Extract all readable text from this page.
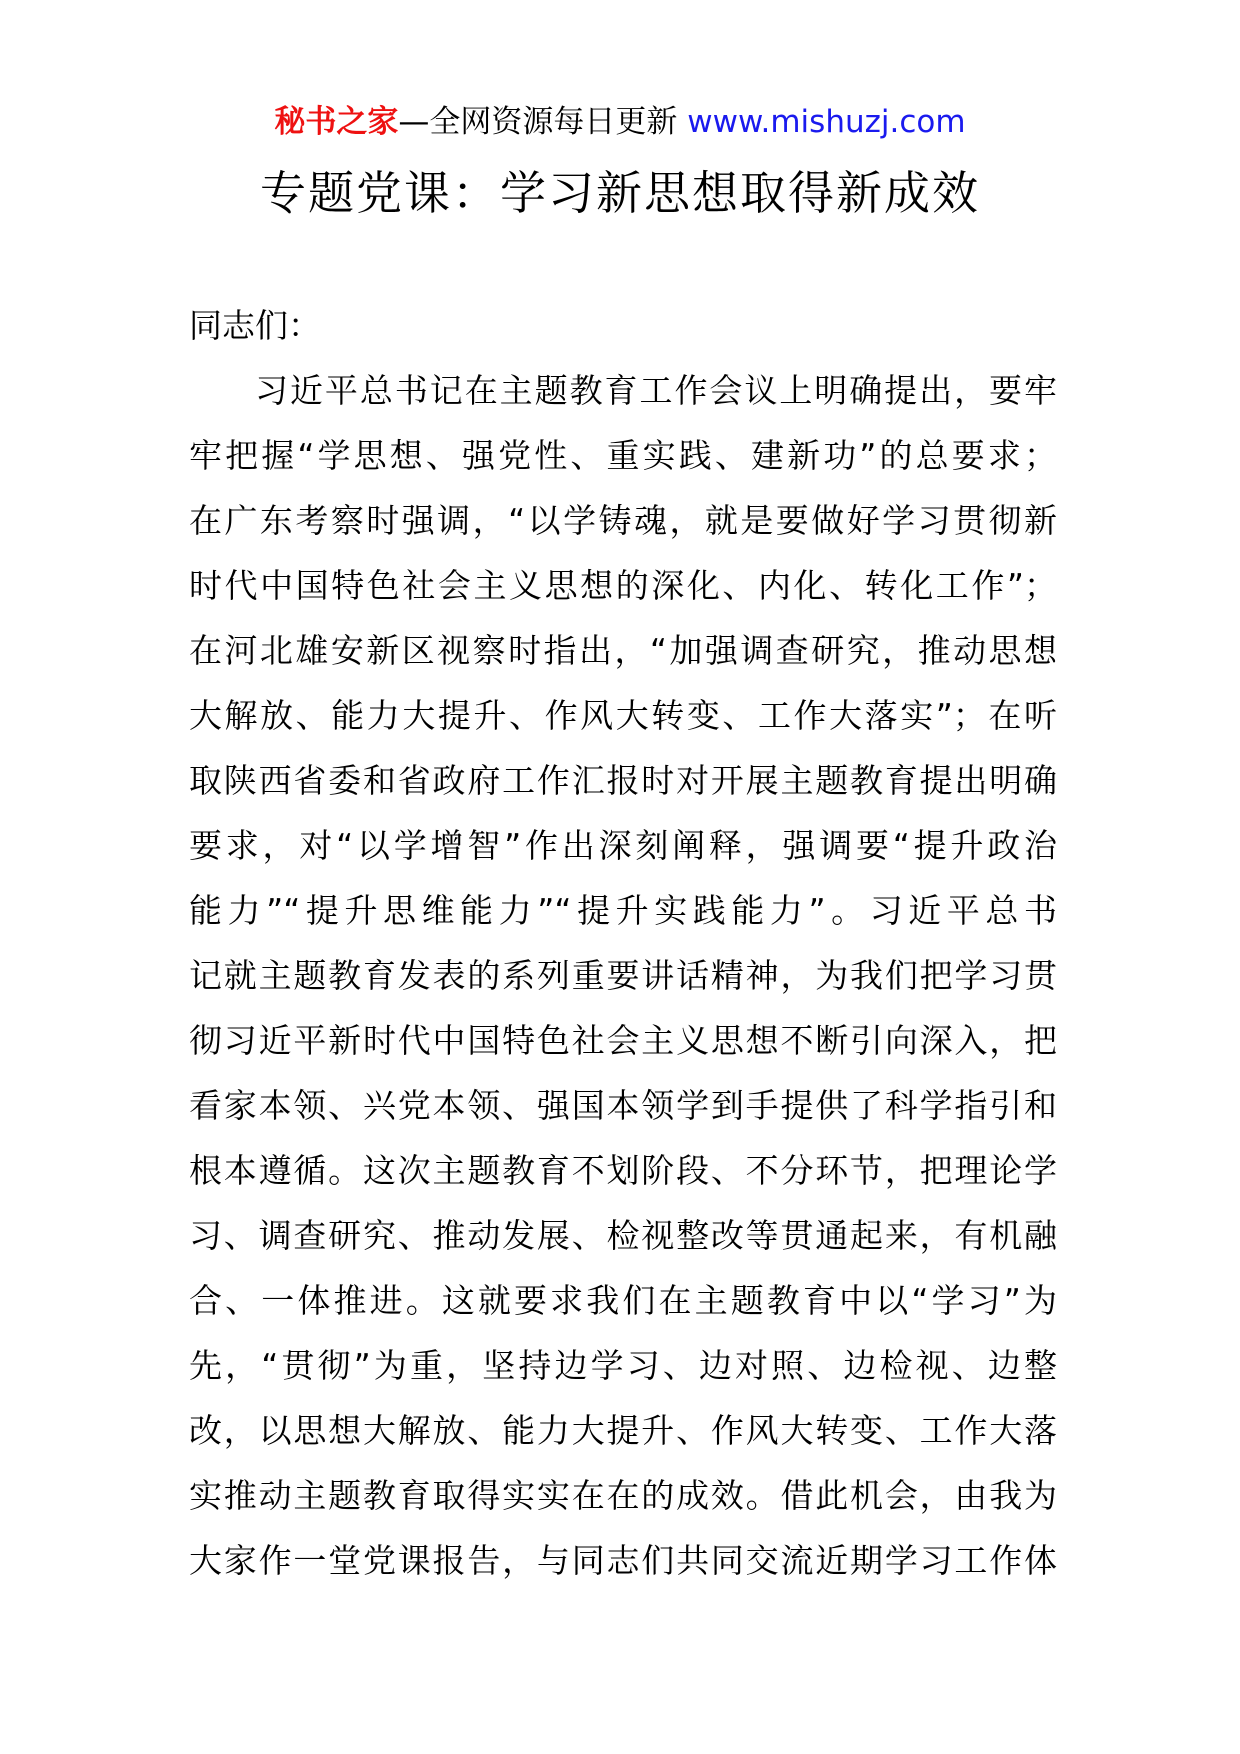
秘书之家—全网资源每日更新 www.mishuzj.com
专题党课：学习新思想取得新成效
同志们：
习近平总书记在主题教育工作会议上明确提出，要牢
牢把握“学思想、强党性、重实践、建新功”的总要求；
在广东考察时强调，“以学铸魂，就是要做好学习贯彻新
时代中国特色社会主义思想的深化、内化、转化工作”；
在河北雄安新区视察时指出，“加强调查研究，推动思想
大解放、能力大提升、作风大转变、工作大落实”；在听
取陕西省委和省政府工作汇报时对开展主题教育提出明确
要求，对“以学增智”作出深刻阐释，强调要“提升政治
能力”“提升思维能力”“提升实践能力”。习近平总书
记就主题教育发表的系列重要讲话精神，为我们把学习贯
彻习近平新时代中国特色社会主义思想不断引向深入，把
看家本领、兴党本领、强国本领学到手提供了科学指引和
根本遵循。这次主题教育不划阶段、不分环节，把理论学
习、调查研究、推动发展、检视整改等贯通起来，有机融
合、一体推进。这就要求我们在主题教育中以“学习”为
先，“贯彻”为重，坚持边学习、边对照、边检视、边整
改，以思想大解放、能力大提升、作风大转变、工作大落
实推动主题教育取得实实在在的成效。借此机会，由我为
大家作一堂党课报告，与同志们共同交流近期学习工作体
